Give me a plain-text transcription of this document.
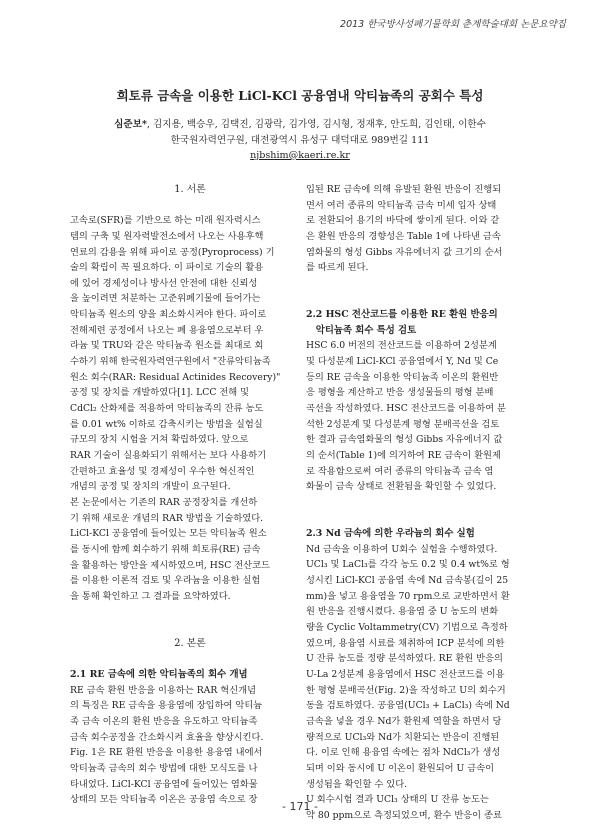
2013 한국방사성폐기물학회 춘계학술대회 논문요약집
희토류 금속을 이용한 LiCl-KCl 공융염내 악티늄족의 공회수 특성
심준보*, 김지용, 백승우, 김택진, 김광락, 김가영, 김시형, 정재후, 안도희, 김인태, 이한수
한국원자력연구원, 대전광역시 유성구 대덕대로 989번길 111
njbshim@kaeri.re.kr
1. 서론
고속로(SFR)를 기반으로 하는 미래 원자력시스
템의 구축 및 원자력발전소에서 나오는 사용후핵
연료의 감용을 위해 파이로 공정(Pyroprocess) 기
술의 확립이 꼭 필요하다. 이 파이로 기술의 활용
에 있어 경제성이나 방사선 안전에 대한 신뢰성
을 높이려면 처분하는 고준위폐기물에 들어가는
악티늄족 원소의 양을 최소화시켜야 한다. 파이로
전해제련 공정에서 나오는 폐 용융염으로부터 우
라늄 및 TRU와 같은 악티늄족 원소를 최대로 회
수하기 위해 한국원자력연구원에서 "잔류악티늄족
원소 회수(RAR: Residual Actinides Recovery)"
공정 및 장치를 개발하였다[1]. LCC 전해 및
CdCl₂ 산화제를 적용하여 악티늄족의 잔류 농도
를 0.01 wt% 이하로 감축시키는 방법을 실험실
규모의 장치 시험을 거쳐 확립하였다. 앞으로
RAR 기술이 실용화되기 위해서는 보다 사용하기
간편하고 효율성 및 경제성이 우수한 혁신적인
개념의 공정 및 장치의 개발이 요구된다.
본 논문에서는 기존의 RAR 공정장치를 개선하
기 위해 새로운 개념의 RAR 방법을 기술하였다.
LiCl-KCl 공융염에 들어있는 모든 악티늄족 원소
를 동시에 함께 회수하기 위해 희토류(RE) 금속
을 활용하는 방안을 제시하였으며, HSC 전산코드
를 이용한 이론적 검토 및 우라늄을 이용한 실험
을 통해 확인하고 그 결과를 요약하였다.
2. 본론
2.1 RE 금속에 의한 악티늄족의 회수 개념
RE 금속 환원 반응을 이용하는 RAR 혁신개념
의 특징은 RE 금속을 용융염에 장입하여 악티늄
족 금속 이온의 환원 반응을 유도하고 악티늄족
금속 회수공정을 간소화시켜 효율을 향상시킨다.
Fig. 1은 RE 환원 반응을 이용한 용융염 내에서
악티늄족 금속의 회수 방법에 대한 모식도를 나
타내었다. LiCl-KCl 공융염에 들어있는 염화물
상태의 모든 악티늄족 이온은 공융염 속으로 장
입된 RE 금속에 의해 유발된 환원 반응이 진행되
면서 여러 종류의 악티늄족 금속 미세 입자 상태
로 전환되어 용기의 바닥에 쌓이게 된다. 이와 같
은 환원 반응의 경향성은 Table 1에 나타낸 금속
염화물의 형성 Gibbs 자유에너지 값 크기의 순서
를 따르게 된다.
2.2 HSC 전산코드를 이용한 RE 환원 반응의
악티늄족 회수 특성 검토
HSC 6.0 버전의 전산코드를 이용하여 2성분계
및 다성분계 LiCl-KCl 공융염에서 Y, Nd 및 Ce
등의 RE 금속을 이용한 악티늄족 이온의 환원반
응 평형을 계산하고 반응 생성물들의 평형 분배
곡선을 작성하였다. HSC 전산코드를 이용하여 분
석한 2성분계 및 다성분계 평형 분배곡선을 검토
한 결과 금속염화물의 형성 Gibbs 자유에너지 값
의 순서(Table 1)에 의거하여 RE 금속이 환원제
로 작용함으로써 여러 종류의 악티늄족 금속 염
화물이 금속 상태로 전환됨을 확인할 수 있었다.
2.3 Nd 금속에 의한 우라늄의 회수 실험
Nd 금속을 이용하여 U회수 실험을 수행하였다.
UCl₃ 및 LaCl₃를 각각 농도 0.2 및 0.4 wt%로 형
성시킨 LiCl-KCl 공융염 속에 Nd 금속봉(길이 25
mm)을 넣고 용융염을 70 rpm으로 교반하면서 환
원 반응을 진행시켰다. 용융염 중 U 농도의 변화
량을 Cyclic Voltammetry(CV) 기법으로 측정하
였으며, 용융염 시료를 채취하여 ICP 분석에 의한
U 잔류 농도를 정량 분석하였다. RE 환원 반응의
U-La 2성분계 용융염에서 HSC 전산코드를 이용
한 평형 분배곡선(Fig. 2)을 작성하고 U의 회수거
동을 검토하였다. 공융염(UCl₃ + LaCl₃) 속에 Nd
금속을 넣을 경우 Nd가 환원제 역할을 하면서 당
량적으로 UCl₃와 Nd가 치환되는 반응이 진행된
다. 이로 인해 용융염 속에는 점차 NdCl₃가 생성
되며 이와 동시에 U 이온이 환원되어 U 금속이
생성됨을 확인할 수 있다.
U 회수시험 결과 UCl₃ 상태의 U 잔류 농도는
약 80 ppm으로 측정되었으며, 환수 반응이 종료
- 171 -
